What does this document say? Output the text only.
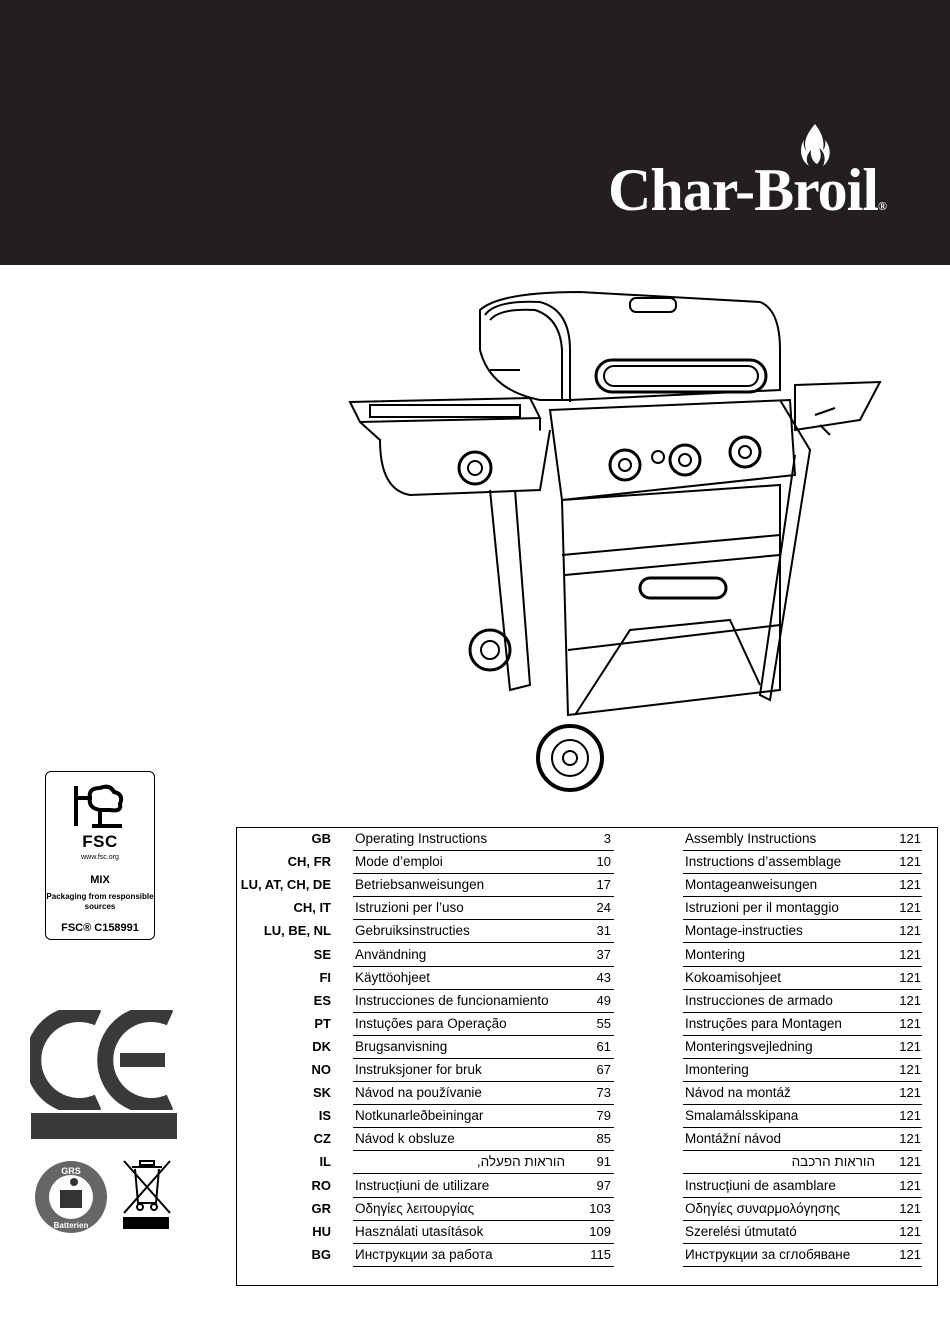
Char-Broil®
FSC
www.fsc.org
MIX
Packaging from responsible sources
FSC® C158991
GRS
Batterien
GB Operating Instructions	3	Assembly Instructions	121
CH, FR Mode d’emploi	10	Instructions d’assemblage	121
LU, AT, CH, DE Betriebsanweisungen	17	Montageanweisungen	121
CH, IT Istruzioni per l’uso	24	Istruzioni per il montaggio	121
LU, BE, NL Gebruiksinstructies	31	Montage-instructies	121
SE Användning	37	Montering	121
FI Käyttöohjeet	43	Kokoamisohjeet	121
ES Instrucciones de funcionamiento	49	Instrucciones de armado	121
PT Instuções para Operação	55	Instruções para Montagen	121
DK Brugsanvisning	61	Monteringsvejledning	121
NO Instruksjoner for bruk	67	Imontering	121
SK Návod na používanie	73	Návod na montáž	121
IS Notkunarleðbeiningar	79	Smalamálsskipana	121
CZ Návod k obsluze	85	Montážní návod	121
IL	הוראות הפעלה,	91	הוראות הרכבה	121
RO Instrucțiuni de utilizare	97	Instrucțiuni de asamblare	121
GR Οδηγίες λειτουργίας	103	Οδηγίες συναρμολόγησης	121
HU Használati utasítások	109	Szerelési útmutató	121
BG Инструкции за работа	115	Инструкции за сглобяване	121
